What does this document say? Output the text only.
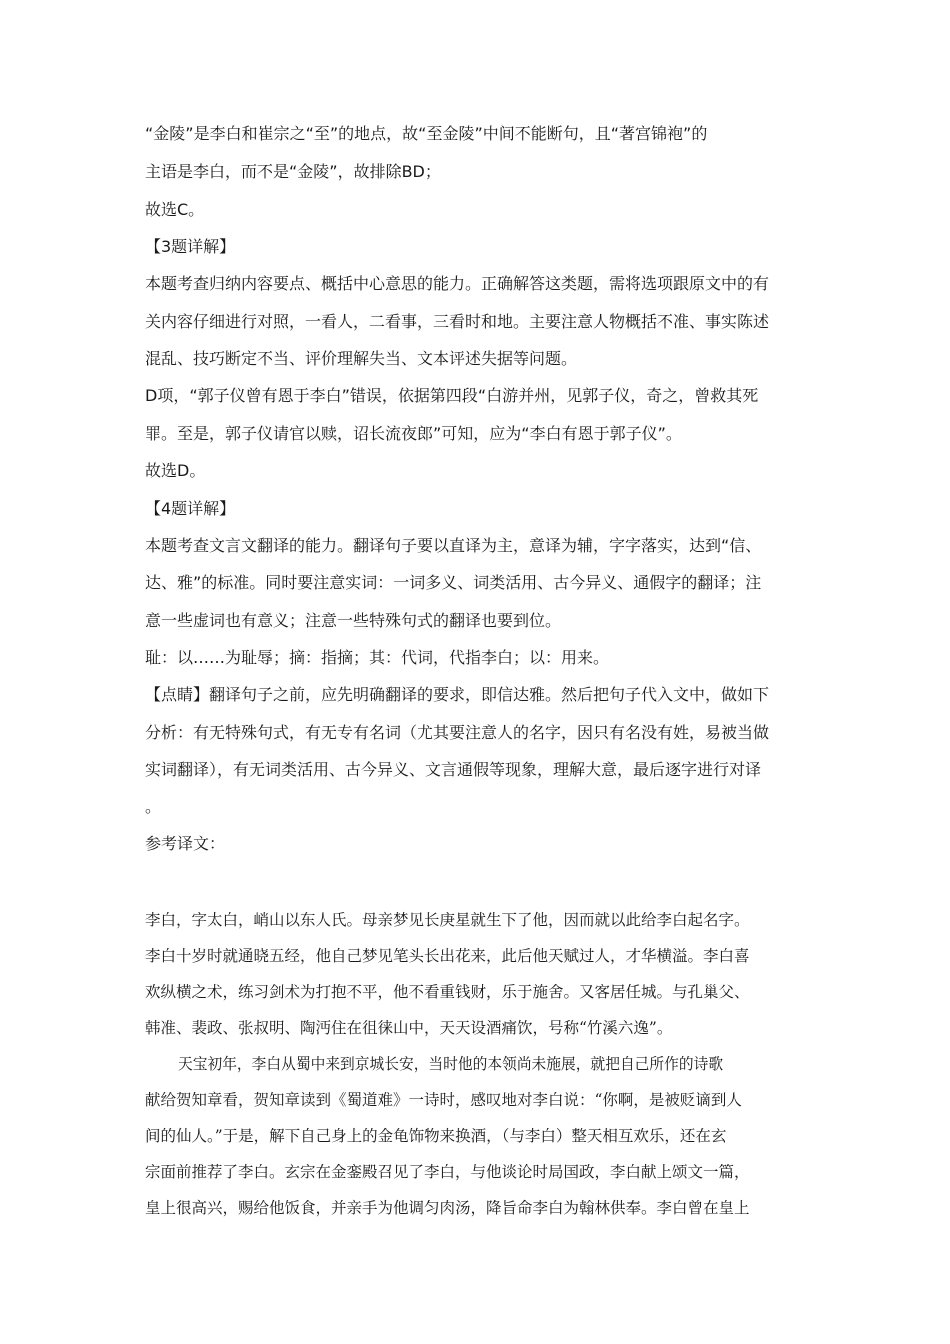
“金陵”是李白和崔宗之“至”的地点，故“至金陵”中间不能断句，且“著宫锦袍”的
主语是李白，而不是“金陵”，故排除BD；
故选C。
【3题详解】
本题考查归纳内容要点、概括中心意思的能力。正确解答这类题，需将选项跟原文中的有
关内容仔细进行对照，一看人，二看事，三看时和地。主要注意人物概括不准、事实陈述
混乱、技巧断定不当、评价理解失当、文本评述失据等问题。
D项，“郭子仪曾有恩于李白”错误，依据第四段“白游并州，见郭子仪，奇之，曾救其死
罪。至是，郭子仪请官以赎，诏长流夜郎”可知，应为“李白有恩于郭子仪”。
故选D。
【4题详解】
本题考查文言文翻译的能力。翻译句子要以直译为主，意译为辅，字字落实，达到“信、
达、雅”的标准。同时要注意实词：一词多义、词类活用、古今异义、通假字的翻译；注
意一些虚词也有意义；注意一些特殊句式的翻译也要到位。
耻：以……为耻辱；摘：指摘；其：代词，代指李白；以：用来。
【点睛】翻译句子之前，应先明确翻译的要求，即信达雅。然后把句子代入文中，做如下
分析：有无特殊句式，有无专有名词（尤其要注意人的名字，因只有名没有姓，易被当做
实词翻译），有无词类活用、古今异义、文言通假等现象，理解大意，最后逐字进行对译
。
参考译文：
李白，字太白，峭山以东人氏。母亲梦见长庚星就生下了他，因而就以此给李白起名字。
李白十岁时就通晓五经，他自己梦见笔头长出花来，此后他天赋过人，才华横溢。李白喜
欢纵横之术，练习剑术为打抱不平，他不看重钱财，乐于施舍。又客居任城。与孔巢父、
韩准、裴政、张叔明、陶沔住在徂徕山中，天天设酒痛饮，号称“竹溪六逸”。
天宝初年，李白从蜀中来到京城长安，当时他的本领尚未施展，就把自己所作的诗歌
献给贺知章看，贺知章读到《蜀道难》一诗时，感叹地对李白说：“你啊，是被贬谪到人
间的仙人。”于是，解下自己身上的金龟饰物来换酒，（与李白）整天相互欢乐，还在玄
宗面前推荐了李白。玄宗在金銮殿召见了李白，与他谈论时局国政，李白献上颂文一篇，
皇上很高兴，赐给他饭食，并亲手为他调匀肉汤，降旨命李白为翰林供奉。李白曾在皇上
